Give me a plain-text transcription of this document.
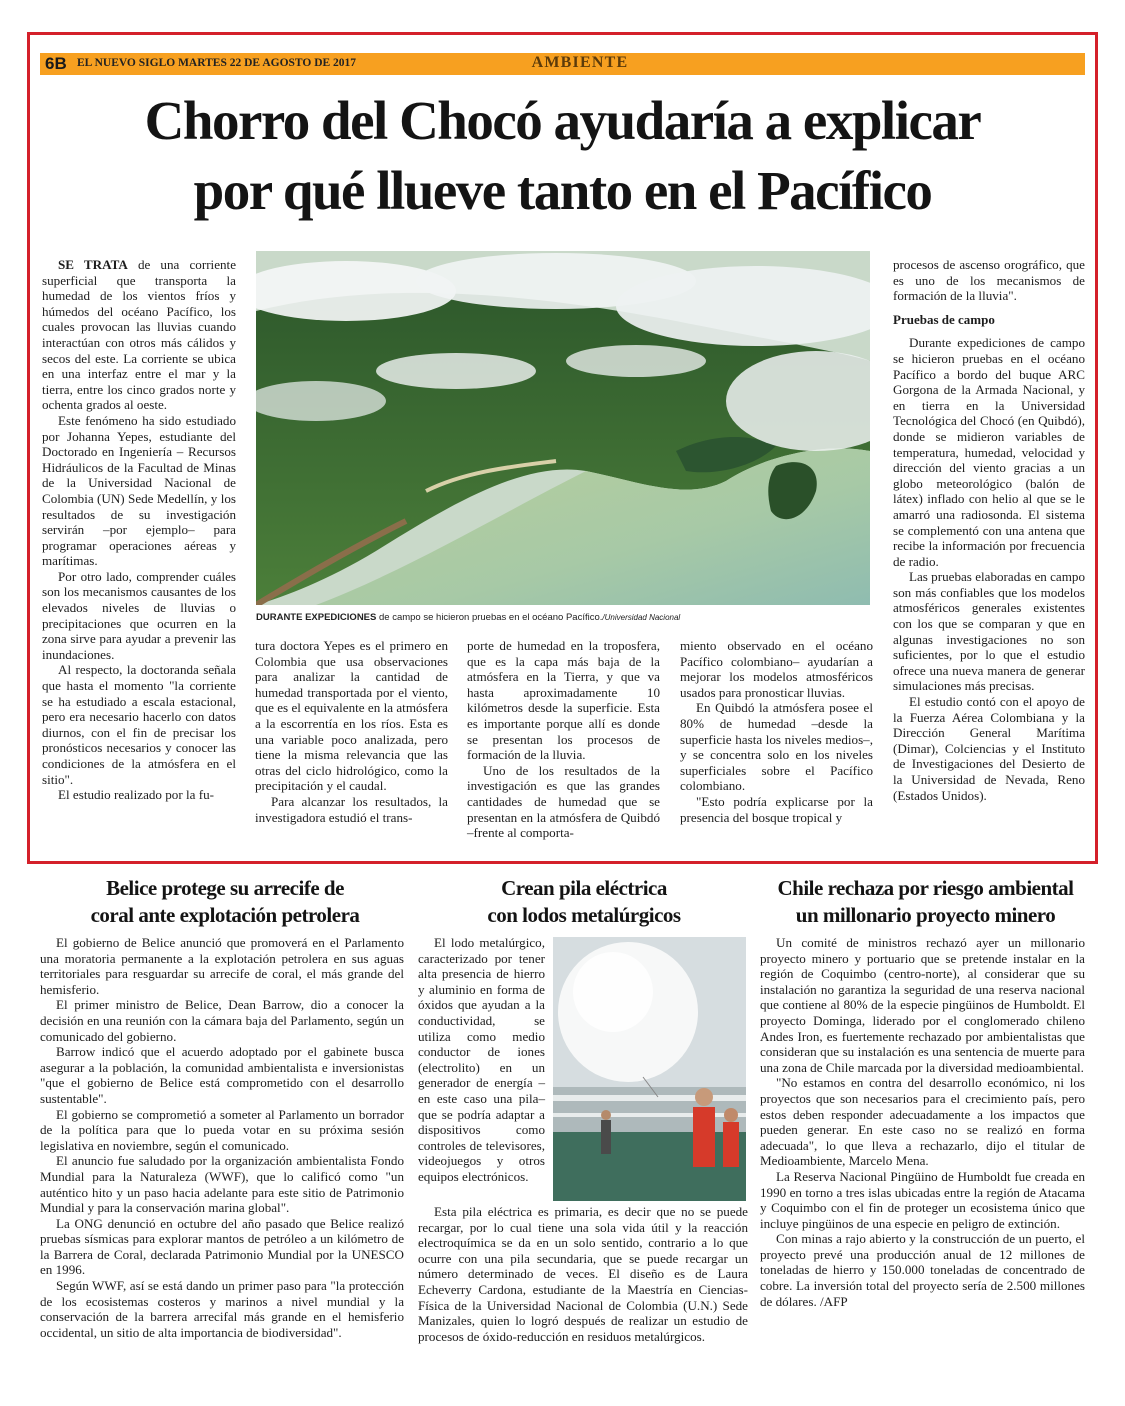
6B EL NUEVO SIGLO MARTES 22 DE AGOSTO DE 2017	AMBIENTE
Chorro del Chocó ayudaría a explicar
por qué llueve tanto en el Pacífico

SE TRATA de una corriente superficial que transporta la humedad de los vientos fríos y húmedos del océano Pacífico, los cuales provocan las lluvias cuando interactúan con otros más cálidos y secos del este. La corriente se ubica en una interfaz entre el mar y la tierra, entre los cinco grados norte y ochenta grados al oeste.

Este fenómeno ha sido estudiado por Johanna Yepes, estudiante del Doctorado en Ingeniería – Recursos Hidráulicos de la Facultad de Minas de la Universidad Nacional de Colombia (UN) Sede Medellín, y los resultados de su investigación servirán –por ejemplo– para programar operaciones aéreas y marítimas.

Por otro lado, comprender cuáles son los mecanismos causantes de los elevados niveles de lluvias o precipitaciones que ocurren en la zona sirve para ayudar a prevenir las inundaciones.

Al respecto, la doctoranda señala que hasta el momento "la corriente se ha estudiado a escala estacional, pero era necesario hacerlo con datos diurnos, con el fin de precisar los pronósticos necesarios y conocer las condiciones de la atmósfera en el sitio".

El estudio realizado por la fu-

DURANTE EXPEDICIONES de campo se hicieron pruebas en el océano Pacífico./Universidad Nacional

tura doctora Yepes es el primero en Colombia que usa observaciones para analizar la cantidad de humedad transportada por el viento, que es el equivalente en la atmósfera a la escorrentía en los ríos. Esta es una variable poco analizada, pero tiene la misma relevancia que las otras del ciclo hidrológico, como la precipitación y el caudal.

Para alcanzar los resultados, la investigadora estudió el trans-

porte de humedad en la troposfera, que es la capa más baja de la atmósfera en la Tierra, y que va hasta aproximadamente 10 kilómetros desde la superficie. Esta es importante porque allí es donde se presentan los procesos de formación de la lluvia.

Uno de los resultados de la investigación es que las grandes cantidades de humedad que se presentan en la atmósfera de Quibdó –frente al comporta-

miento observado en el océano Pacífico colombiano– ayudarían a mejorar los modelos atmosféricos usados para pronosticar lluvias.

En Quibdó la atmósfera posee el 80% de humedad –desde la superficie hasta los niveles medios–, y se concentra solo en los niveles superficiales sobre el Pacífico colombiano.

"Esto podría explicarse por la presencia del bosque tropical y

procesos de ascenso orográfico, que es uno de los mecanismos de formación de la lluvia".

Pruebas de campo

Durante expediciones de campo se hicieron pruebas en el océano Pacífico a bordo del buque ARC Gorgona de la Armada Nacional, y en tierra en la Universidad Tecnológica del Chocó (en Quibdó), donde se midieron variables de temperatura, humedad, velocidad y dirección del viento gracias a un globo meteorológico (balón de látex) inflado con helio al que se le amarró una radiosonda. El sistema se complementó con una antena que recibe la información por frecuencia de radio.

Las pruebas elaboradas en campo son más confiables que los modelos atmosféricos generales existentes con los que se comparan y que en algunas investigaciones no son suficientes, por lo que el estudio ofrece una nueva manera de generar simulaciones más precisas.

El estudio contó con el apoyo de la Fuerza Aérea Colombiana y la Dirección General Marítima (Dimar), Colciencias y el Instituto de Investigaciones del Desierto de la Universidad de Nevada, Reno (Estados Unidos).

Belice protege su arrecife de
coral ante explotación petrolera

El gobierno de Belice anunció que promoverá en el Parlamento una moratoria permanente a la explotación petrolera en sus aguas territoriales para resguardar su arrecife de coral, el más grande del hemisferio.

El primer ministro de Belice, Dean Barrow, dio a conocer la decisión en una reunión con la cámara baja del Parlamento, según un comunicado del gobierno.

Barrow indicó que el acuerdo adoptado por el gabinete busca asegurar a la población, la comunidad ambientalista e inversionistas "que el gobierno de Belice está comprometido con el desarrollo sustentable".

El gobierno se comprometió a someter al Parlamento un borrador de la política para que lo pueda votar en su próxima sesión legislativa en noviembre, según el comunicado.

El anuncio fue saludado por la organización ambientalista Fondo Mundial para la Naturaleza (WWF), que lo calificó como "un auténtico hito y un paso hacia adelante para este sitio de Patrimonio Mundial y para la conservación marina global".

La ONG denunció en octubre del año pasado que Belice realizó pruebas sísmicas para explorar mantos de petróleo a un kilómetro de la Barrera de Coral, declarada Patrimonio Mundial por la UNESCO en 1996.

Según WWF, así se está dando un primer paso para "la protección de los ecosistemas costeros y marinos a nivel mundial y la conservación de la barrera arrecifal más grande en el hemisferio occidental, un sitio de alta importancia de biodiversidad".

Crean pila eléctrica
con lodos metalúrgicos

El lodo metalúrgico, caracterizado por tener alta presencia de hierro y aluminio en forma de óxidos que ayudan a la conductividad, se utiliza como medio conductor de iones (electrolito) en un generador de energía –en este caso una pila– que se podría adaptar a dispositivos como controles de televisores, videojuegos y otros equipos electrónicos.

Esta pila eléctrica es primaria, es decir que no se puede recargar, por lo cual tiene una sola vida útil y la reacción electroquímica se da en un solo sentido, contrario a lo que ocurre con una pila secundaria, que se puede recargar un número determinado de veces. El diseño es de Laura Echeverry Cardona, estudiante de la Maestría en Ciencias-Física de la Universidad Nacional de Colombia (U.N.) Sede Manizales, quien lo logró después de realizar un estudio de procesos de óxido-reducción en residuos metalúrgicos.

Chile rechaza por riesgo ambiental
un millonario proyecto minero

Un comité de ministros rechazó ayer un millonario proyecto minero y portuario que se pretende instalar en la región de Coquimbo (centro-norte), al considerar que su instalación no garantiza la seguridad de una reserva nacional que contiene al 80% de la especie pingüinos de Humboldt. El proyecto Dominga, liderado por el conglomerado chileno Andes Iron, es fuertemente rechazado por ambientalistas que consideran que su instalación es una sentencia de muerte para una zona de Chile marcada por la diversidad medioambiental.

"No estamos en contra del desarrollo económico, ni los proyectos que son necesarios para el crecimiento país, pero estos deben responder adecuadamente a los impactos que pueden generar. En este caso no se realizó en forma adecuada", lo que lleva a rechazarlo, dijo el titular de Medioambiente, Marcelo Mena.

La Reserva Nacional Pingüino de Humboldt fue creada en 1990 en torno a tres islas ubicadas entre la región de Atacama y Coquimbo con el fin de proteger un ecosistema único que incluye pingüinos de una especie en peligro de extinción.

Con minas a rajo abierto y la construcción de un puerto, el proyecto prevé una producción anual de 12 millones de toneladas de hierro y 150.000 toneladas de concentrado de cobre. La inversión total del proyecto sería de 2.500 millones de dólares. /AFP
